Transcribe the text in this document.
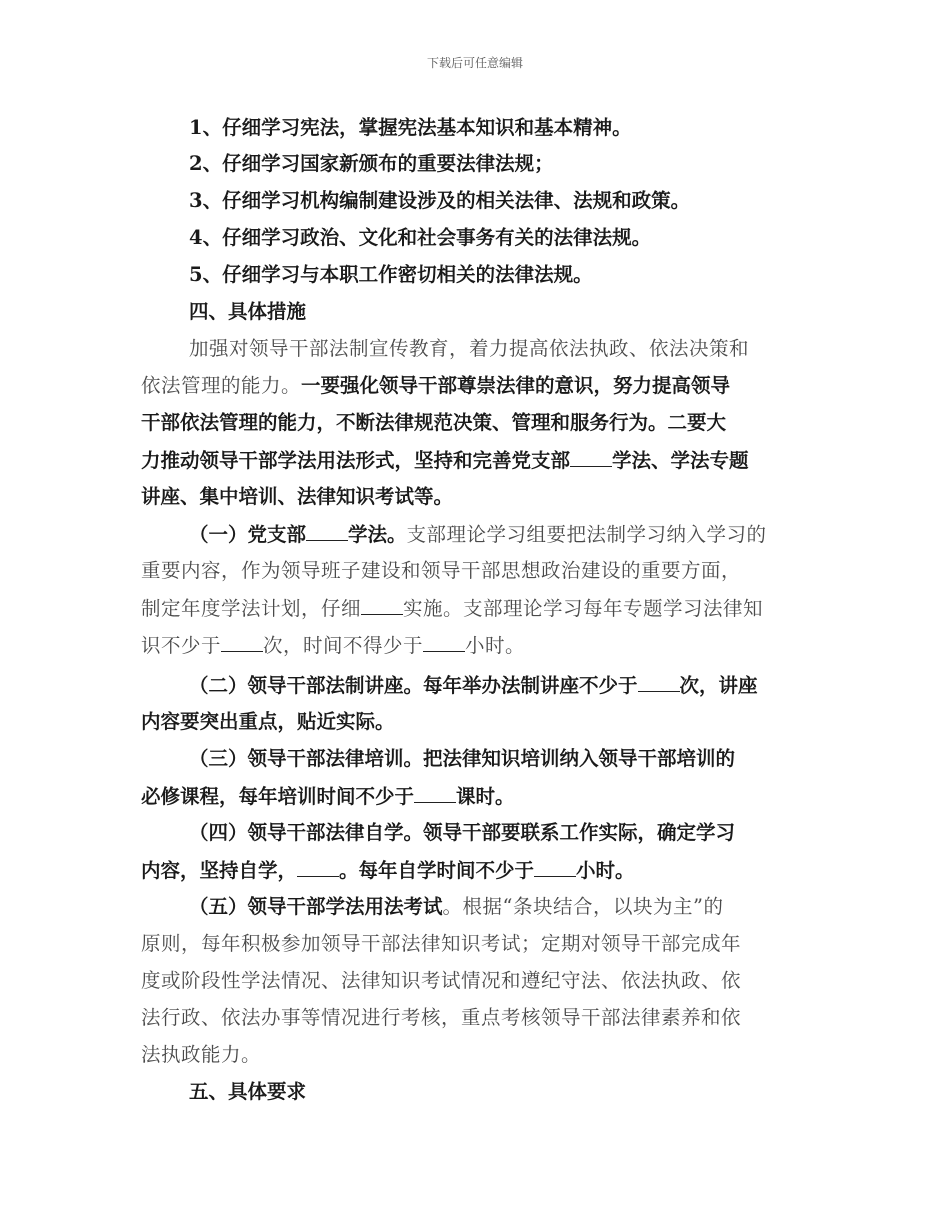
下载后可任意编辑
1、仔细学习宪法，掌握宪法基本知识和基本精神。
2、仔细学习国家新颁布的重要法律法规；
3、仔细学习机构编制建设涉及的相关法律、法规和政策。
4、仔细学习政治、文化和社会事务有关的法律法规。
5、仔细学习与本职工作密切相关的法律法规。
四、具体措施
加强对领导干部法制宣传教育，着力提高依法执政、依法决策和
依法管理的能力。一要强化领导干部尊崇法律的意识，努力提高领导
干部依法管理的能力，不断法律规范决策、管理和服务行为。二要大
力推动领导干部学法用法形式，坚持和完善党支部 学法、学法专题
讲座、集中培训、法律知识考试等。
（一）党支部 学法。支部理论学习组要把法制学习纳入学习的
重要内容，作为领导班子建设和领导干部思想政治建设的重要方面，
制定年度学法计划，仔细 实施。支部理论学习每年专题学习法律知
识不少于 次，时间不得少于 小时。
（二）领导干部法制讲座。每年举办法制讲座不少于 次，讲座
内容要突出重点，贴近实际。
（三）领导干部法律培训。把法律知识培训纳入领导干部培训的
必修课程，每年培训时间不少于 课时。
（四）领导干部法律自学。领导干部要联系工作实际，确定学习
内容，坚持自学， 。每年自学时间不少于 小时。
（五）领导干部学法用法考试。根据“条块结合，以块为主”的
原则，每年积极参加领导干部法律知识考试；定期对领导干部完成年
度或阶段性学法情况、法律知识考试情况和遵纪守法、依法执政、依
法行政、依法办事等情况进行考核，重点考核领导干部法律素养和依
法执政能力。
五、具体要求
